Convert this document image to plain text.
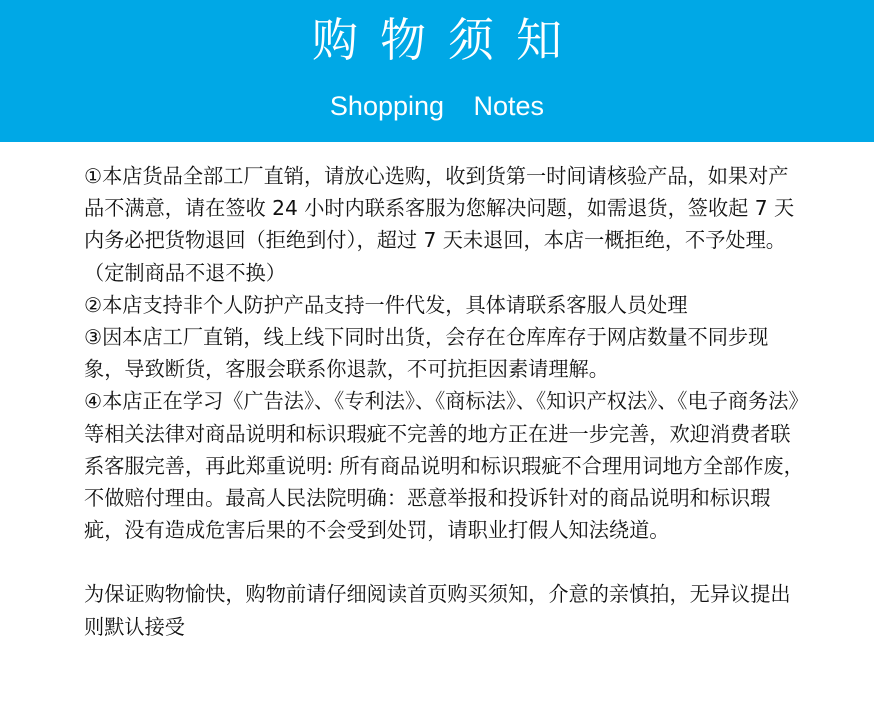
购物须知
Shopping Notes

①本店货品全部工厂直销，请放心选购，收到货第一时间请核验产品，如果对产品不满意，请在签收 24 小时内联系客服为您解决问题，如需退货，签收起 7 天内务必把货物退回（拒绝到付），超过 7 天未退回，本店一概拒绝，不予处理。（定制商品不退不换）

②本店支持非个人防护产品支持一件代发，具体请联系客服人员处理

③因本店工厂直销，线上线下同时出货，会存在仓库库存于网店数量不同步现象，导致断货，客服会联系你退款，不可抗拒因素请理解。

④本店正在学习《广告法》、《专利法》、《商标法》、《知识产权法》、《电子商务法》等相关法律对商品说明和标识瑕疵不完善的地方正在进一步完善，欢迎消费者联系客服完善，再此郑重说明: 所有商品说明和标识瑕疵不合理用词地方全部作废，不做赔付理由。最高人民法院明确：恶意举报和投诉针对的商品说明和标识瑕疵，没有造成危害后果的不会受到处罚，请职业打假人知法绕道。

为保证购物愉快，购物前请仔细阅读首页购买须知，介意的亲慎拍，无异议提出则默认接受
